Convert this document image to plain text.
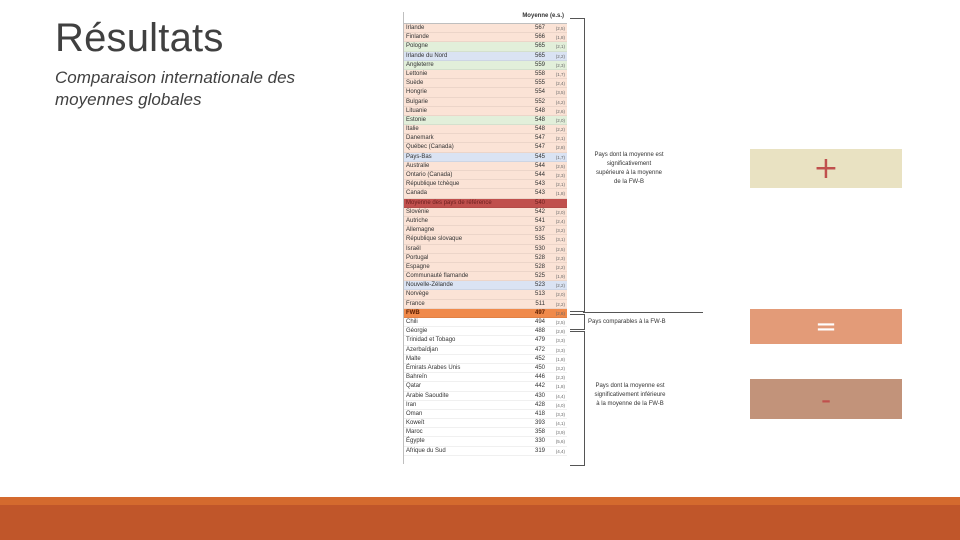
Résultats
Comparaison internationale des moyennes globales
Moyenne (e.s.)
Irlande	567 (2,5)
Finlande	566 (1,8)
Pologne	565 (2,1)
Irlande du Nord	565 (2,2)
Angleterre	559 (2,3)
Lettonie	558 (1,7)
Suède	555 (2,4)
Hongrie	554 (3,5)
Bulgarie	552 (4,2)
Lituanie	548 (2,6)
Estonie	548 (2,0)
Italie	548 (2,2)
Danemark	547 (2,1)
Québec (Canada)	547 (2,8)
Pays-Bas	545 (1,7)
Australie	544 (2,5)
Ontario (Canada)	544 (2,3)
République tchèque	543 (2,1)
Canada	543 (1,8)
Moyenne des pays de référence	540
Slovénie	542 (2,0)
Autriche	541 (2,4)
Allemagne	537 (3,2)
République slovaque	535 (3,1)
Israël	530 (2,5)
Portugal	528 (2,3)
Espagne	528 (2,2)
Communauté flamande	525 (1,9)
Nouvelle-Zélande	523 (2,2)
Norvège	513 (2,0)
France	511 (2,2)
FWB	497 (2,6)
Chili	494 (2,5)
Géorgie	488 (2,8)
Trinidad et Tobago	479 (3,3)
Azerbaïdjan	472 (3,3)
Malte	452 (1,8)
Émirats Arabes Unis	450 (3,2)
Bahreïn	446 (2,3)
Qatar	442 (1,8)
Arabie Saoudite	430 (4,4)
Iran	428 (4,0)
Oman	418 (3,3)
Koweït	393 (4,1)
Maroc	358 (3,9)
Égypte	330 (5,6)
Afrique du Sud	319 (4,4)
Pays dont la moyenne est significativement supérieure à la moyenne de la FW-B
Pays comparables à la FW-B
Pays dont la moyenne est significativement inférieure à la moyenne de la FW-B
+
=
-
